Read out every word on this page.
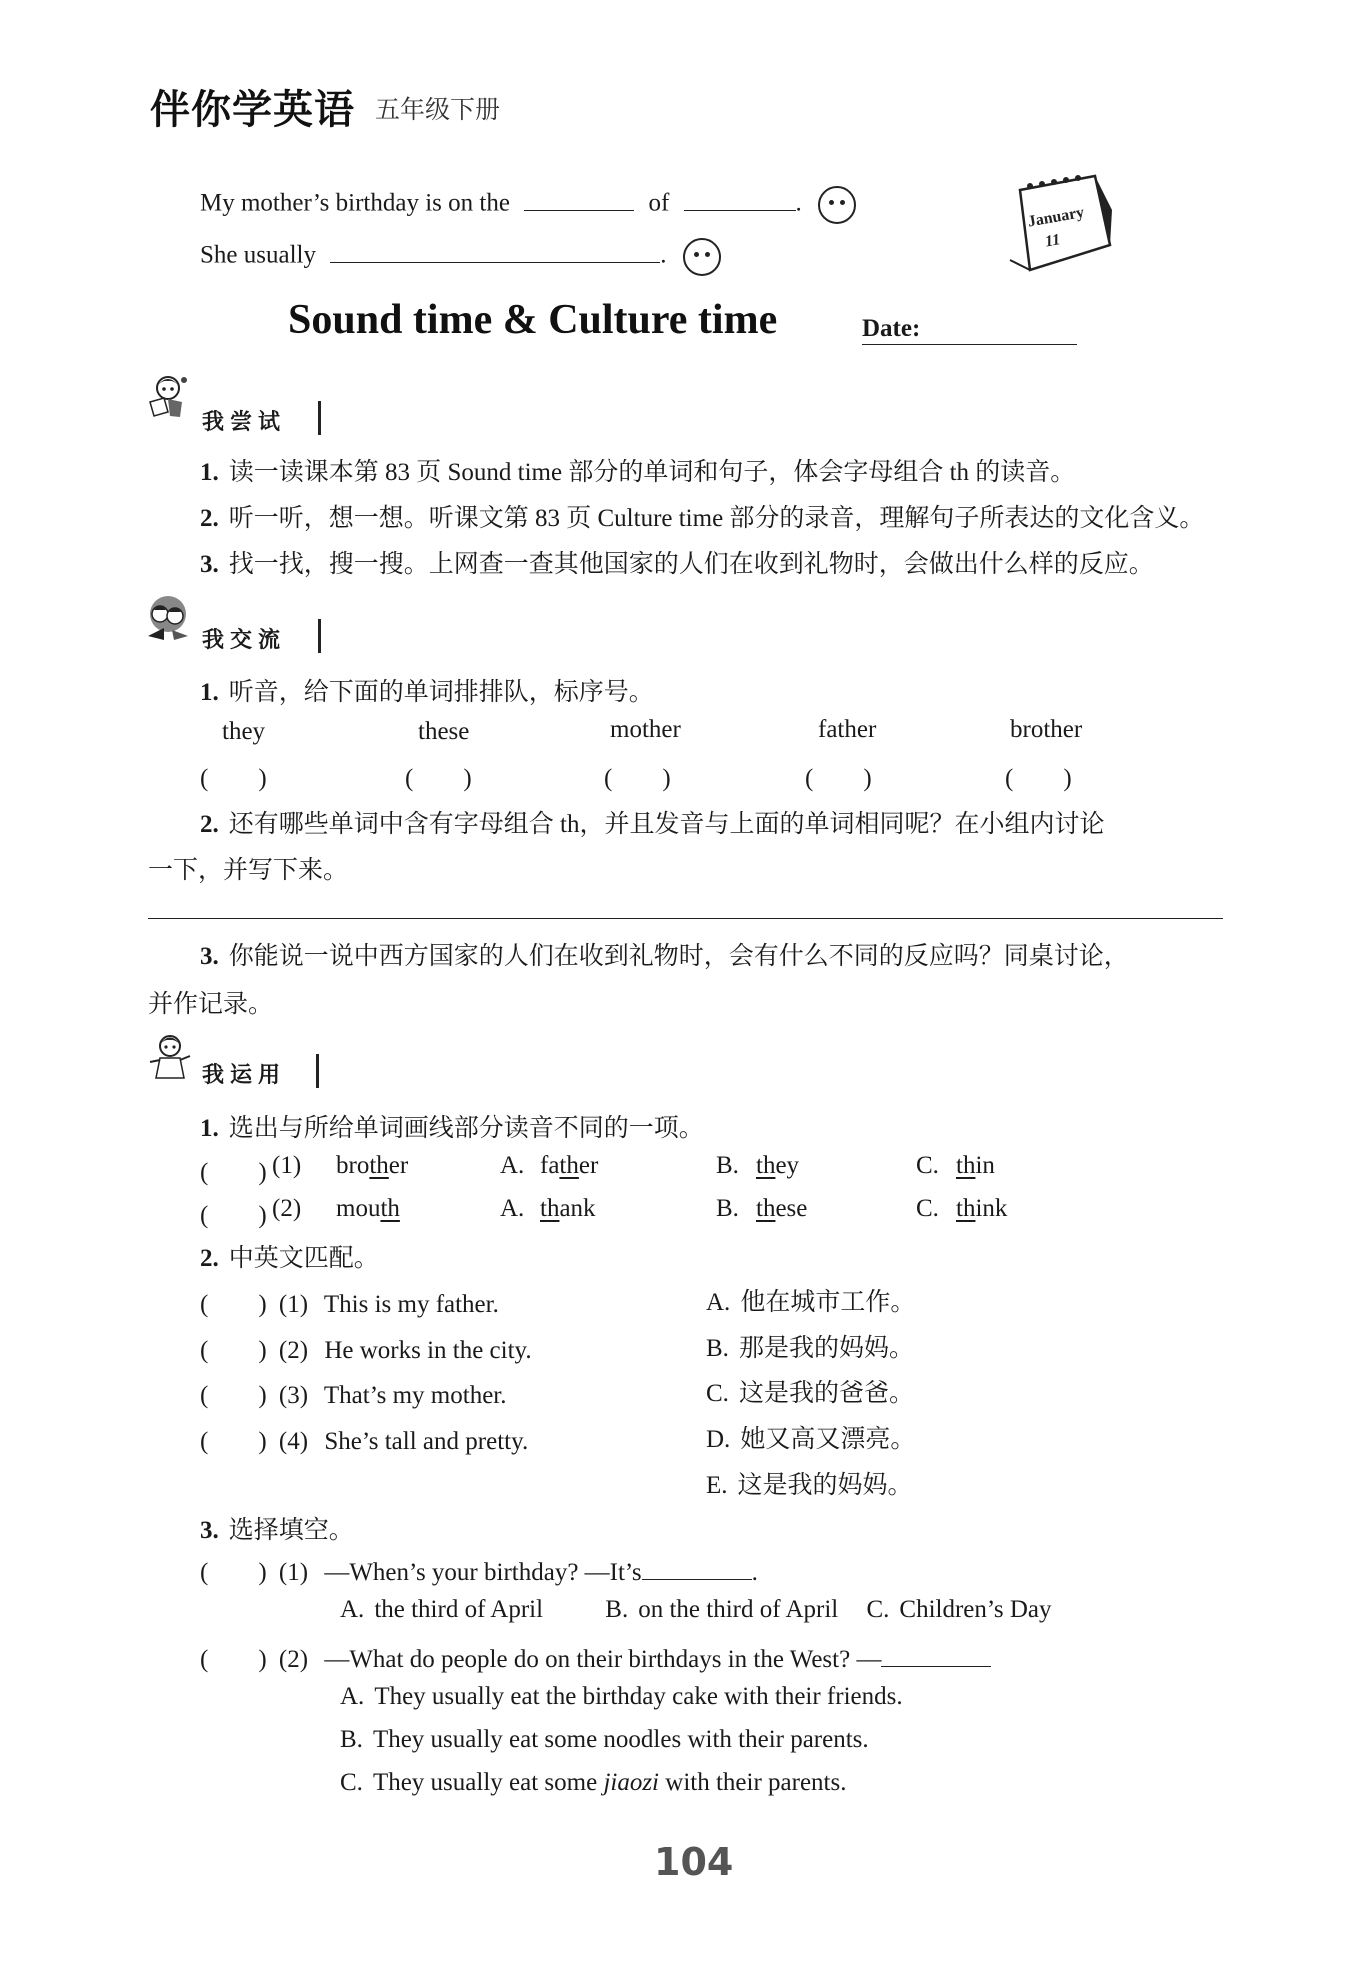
伴你学英语 五年级下册
My mother’s birthday is on the	of	.
She usually	.
January
11
Sound time & Culture time	Date:
我尝试
1. 读一读课本第 83 页 Sound time 部分的单词和句子，体会字母组合 th 的读音。
2. 听一听，想一想。听课文第 83 页 Culture time 部分的录音，理解句子所表达的文化含义。
3. 找一找，搜一搜。上网查一查其他国家的人们在收到礼物时，会做出什么样的反应。
我交流
1. 听音，给下面的单词排排队，标序号。
they	these	mother	father	brother
(　　)	(　　)	(　　)	(　　)	(　　)
2. 还有哪些单词中含有字母组合 th，并且发音与上面的单词相同呢？在小组内讨论
一下，并写下来。
3. 你能说一说中西方国家的人们在收到礼物时，会有什么不同的反应吗？同桌讨论，
并作记录。
我运用
1. 选出与所给单词画线部分读音不同的一项。
(　　) (1) brother	A. father	B. they	C. thin
(　　) (2) mouth	A. thank	B. these	C. think
2. 中英文匹配。
(　　) (1) This is my father.
(　　) (2) He works in the city.
(　　) (3) That’s my mother.
(　　) (4) She’s tall and pretty.
A. 他在城市工作。
B. 那是我的妈妈。
C. 这是我的爸爸。
D. 她又高又漂亮。
E. 这是我的妈妈。
3. 选择填空。
(　　) (1) —When’s your birthday? —It’s	.
A. the third of April B. on the third of April C. Children’s Day
(　　) (2) —What do people do on their birthdays in the West? —
A. They usually eat the birthday cake with their friends.
B. They usually eat some noodles with their parents.
C. They usually eat some jiaozi with their parents.
104
